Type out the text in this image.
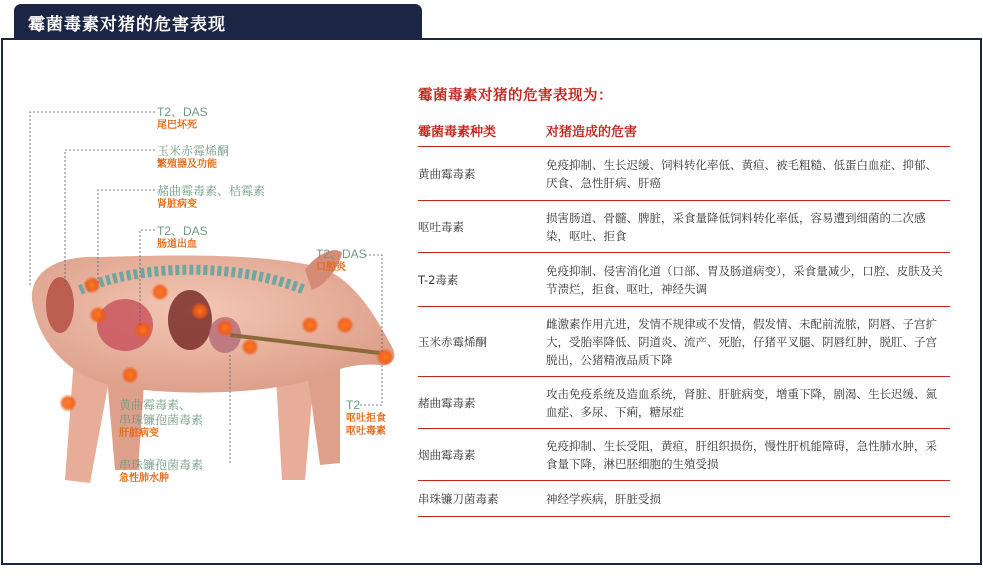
霉菌毒素对猪的危害表现
T2、DAS
尾巴坏死
玉米赤霉烯酮
繁殖器及功能
赭曲霉毒素、桔霉素
肾脏病变
T2、DAS
肠道出血
T2、DAS
口腔炎
黄曲霉毒素、
串珠镰孢菌毒素
肝脏病变
T2
呕吐拒食
呕吐毒素
串珠镰孢菌毒素
急性肺水肿
霉菌毒素对猪的危害表现为：
霉菌毒素种类	对猪造成的危害
黄曲霉毒素
免疫抑制、生长迟缓、饲料转化率低、黄疸、被毛粗糙、低蛋白血症、抑郁、厌食、急性肝病、肝癌
呕吐毒素
损害肠道、骨髓、脾脏，采食量降低饲料转化率低，容易遭到细菌的二次感染，呕吐、拒食
T-2毒素
免疫抑制、侵害消化道（口部、胃及肠道病变），采食量减少，口腔、皮肤及关节溃烂，拒食、呕吐，神经失调
玉米赤霉烯酮
雌激素作用亢进，发情不规律或不发情，假发情、未配前流脓，阴唇、子宫扩大，受胎率降低、阴道炎、流产、死胎，仔猪平叉腿、阴唇红肿，脱肛、子宫脱出，公猪精液品质下降
赭曲霉毒素
攻击免疫系统及造血系统，肾脏、肝脏病变，增重下降，剧渴、生长迟缓、氮血症、多尿、下痢，糖尿症
烟曲霉毒素
免疫抑制、生长受阻，黄疸，肝组织损伤，慢性肝机能障碍，急性肺水肿，采食量下降，淋巴胚细胞的生殖受损
串珠镰刀菌毒素	神经学疾病，肝脏受损
